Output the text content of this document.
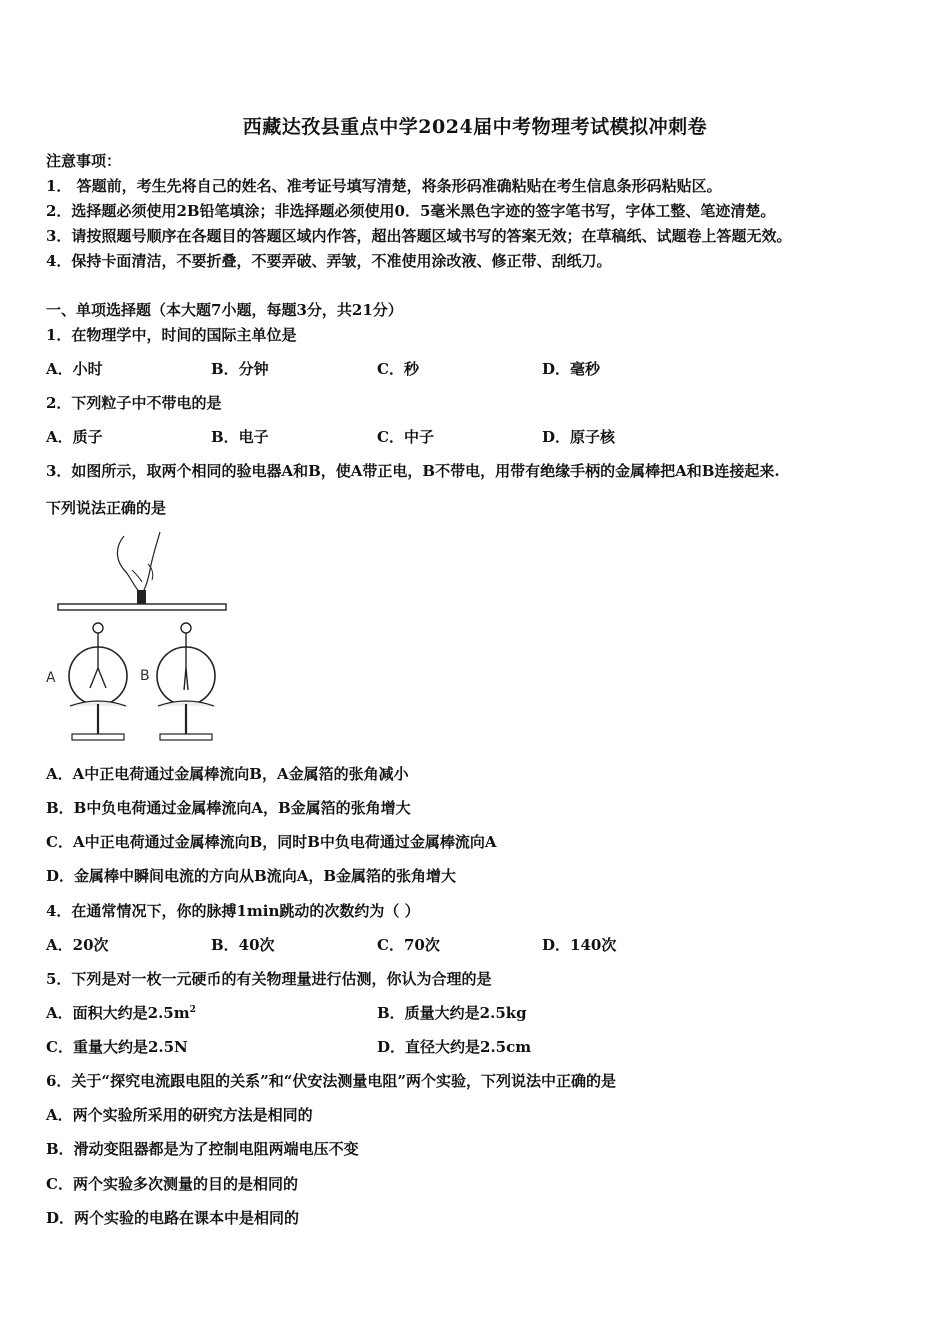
西藏达孜县重点中学2024届中考物理考试模拟冲刺卷
注意事项：
1． 答题前，考生先将自己的姓名、准考证号填写清楚，将条形码准确粘贴在考生信息条形码粘贴区。
2．选择题必须使用2B铅笔填涂；非选择题必须使用0．5毫米黑色字迹的签字笔书写，字体工整、笔迹清楚。
3．请按照题号顺序在各题目的答题区域内作答，超出答题区域书写的答案无效；在草稿纸、试题卷上答题无效。
4．保持卡面清洁，不要折叠，不要弄破、弄皱，不准使用涂改液、修正带、刮纸刀。
一、单项选择题（本大题7小题，每题3分，共21分）
1．在物理学中，时间的国际主单位是
A．小时	B．分钟	C．秒	D．毫秒
2．下列粒子中不带电的是
A．质子	B．电子	C．中子	D．原子核
3．如图所示，取两个相同的验电器A和B，使A带正电，B不带电，用带有绝缘手柄的金属棒把A和B连接起来.
下列说法正确的是
A	B
A．A中正电荷通过金属棒流向B，A金属箔的张角减小
B．B中负电荷通过金属棒流向A，B金属箔的张角增大
C．A中正电荷通过金属棒流向B，同时B中负电荷通过金属棒流向A
D．金属棒中瞬间电流的方向从B流向A，B金属箔的张角增大
4．在通常情况下，你的脉搏1min跳动的次数约为（ ）
A．20次	B．40次	C．70次	D．140次
5．下列是对一枚一元硬币的有关物理量进行估测，你认为合理的是
A．面积大约是$2.5m^2$	B．质量大约是2.5kg
C．重量大约是2.5N	D．直径大约是2.5cm
6．关于“探究电流跟电阻的关系”和“伏安法测量电阻”两个实验，下列说法中正确的是
A．两个实验所采用的研究方法是相同的
B．滑动变阻器都是为了控制电阻两端电压不变
C．两个实验多次测量的目的是相同的
D．两个实验的电路在课本中是相同的
